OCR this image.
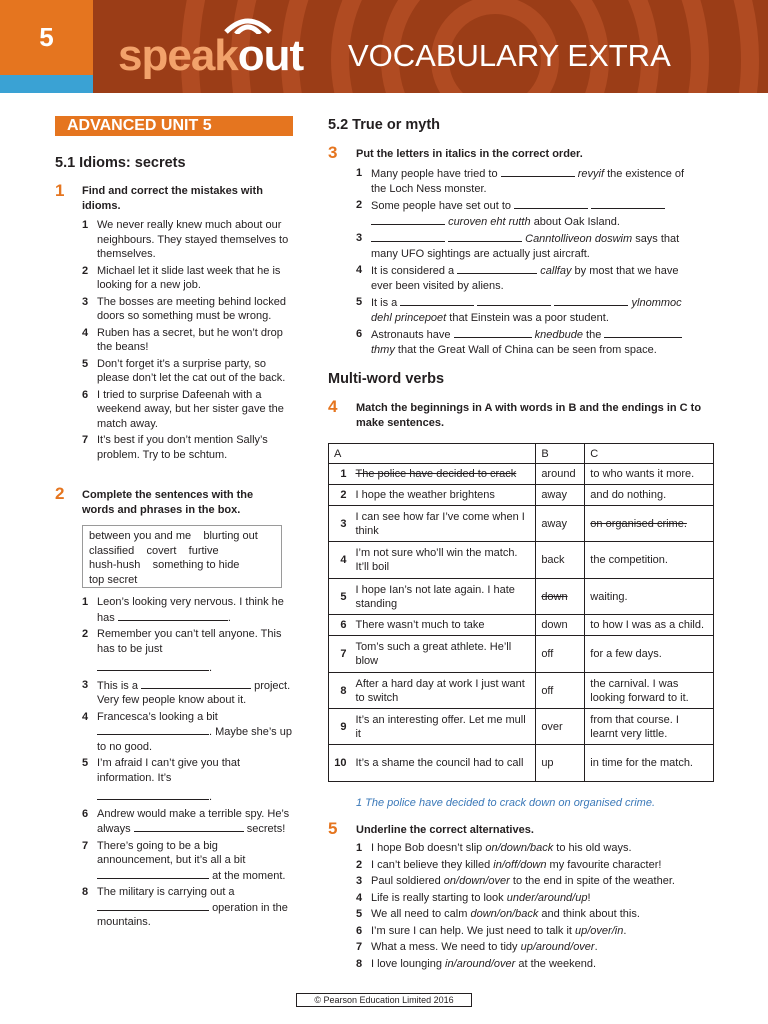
5	speakout VOCABULARY EXTRA
ADVANCED UNIT 5
5.1 Idioms: secrets
1 Find and correct the mistakes with idioms.
1 We never really knew much about our neighbours. They stayed themselves to themselves.
2 Michael let it slide last week that he is looking for a new job.
3 The bosses are meeting behind locked doors so something must be wrong.
4 Ruben has a secret, but he won’t drop the beans!
5 Don’t forget it’s a surprise party, so please don’t let the cat out of the back.
6 I tried to surprise Dafeenah with a weekend away, but her sister gave the match away.
7 It’s best if you don’t mention Sally’s problem. Try to be schtum.
2 Complete the sentences with the words and phrases in the box.
between you and me    blurting out
classified    covert    furtive
hush-hush    something to hide
top secret
1 Leon’s looking very nervous. I think he has	.
2 Remember you can’t tell anyone. This has to be just
.
3 This is a	project. Very few people know about it.
4 Francesca’s looking a bit . Maybe she’s up to no good.
5 I’m afraid I can’t give you that information. It’s
.
6 Andrew would make a terrible spy. He’s always	secrets!
7 There’s going to be a big announcement, but it’s all a bit  at the moment.
8 The military is carrying out a  operation in the mountains.
5.2 True or myth
3 Put the letters in italics in the correct order.
1 Many people have tried to	revyif the existence of the Loch Ness monster.
2 Some people have set out to
curoven eht rutth about Oak Island.
3	Canntolliveon doswim says that many UFO sightings are actually just aircraft.
4 It is considered a	callfay by most that we have ever been visited by aliens.
5 It is a	ylnommoc
dehl princepoet that Einstein was a poor student.
6 Astronauts have	knedbude the
thmy that the Great Wall of China can be seen from space.
Multi-word verbs
4 Match the beginnings in A with words in B and the endings in C to make sentences.
A		B	C
1	The police have decided to crack	around	to who wants it more.
2	I hope the weather brightens	away	and do nothing.
3	I can see how far I’ve come when I think	away	on organised crime.
4	I’m not sure who’ll win the match. It’ll boil	back	the competition.
5	I hope Ian’s not late again. I hate standing	down	waiting.
6	There wasn’t much to take	down	to how I was as a child.
7	Tom’s such a great athlete. He’ll blow	off	for a few days.
8	After a hard day at work I just want to switch	off	the carnival. I was looking forward to it.
9	It’s an interesting offer. Let me mull it	over	from that course. I learnt very little.
10	It’s a shame the council had to call	up	in time for the match.
1 The police have decided to crack down on organised crime.
5 Underline the correct alternatives.
1 I hope Bob doesn’t slip on/down/back to his old ways.
2 I can’t believe they killed in/off/down my favourite character!
3 Paul soldiered on/down/over to the end in spite of the weather.
4 Life is really starting to look under/around/up!
5 We all need to calm down/on/back and think about this.
6 I’m sure I can help. We just need to talk it up/over/in.
7 What a mess. We need to tidy up/around/over.
8 I love lounging in/around/over at the weekend.
© Pearson Education Limited 2016
